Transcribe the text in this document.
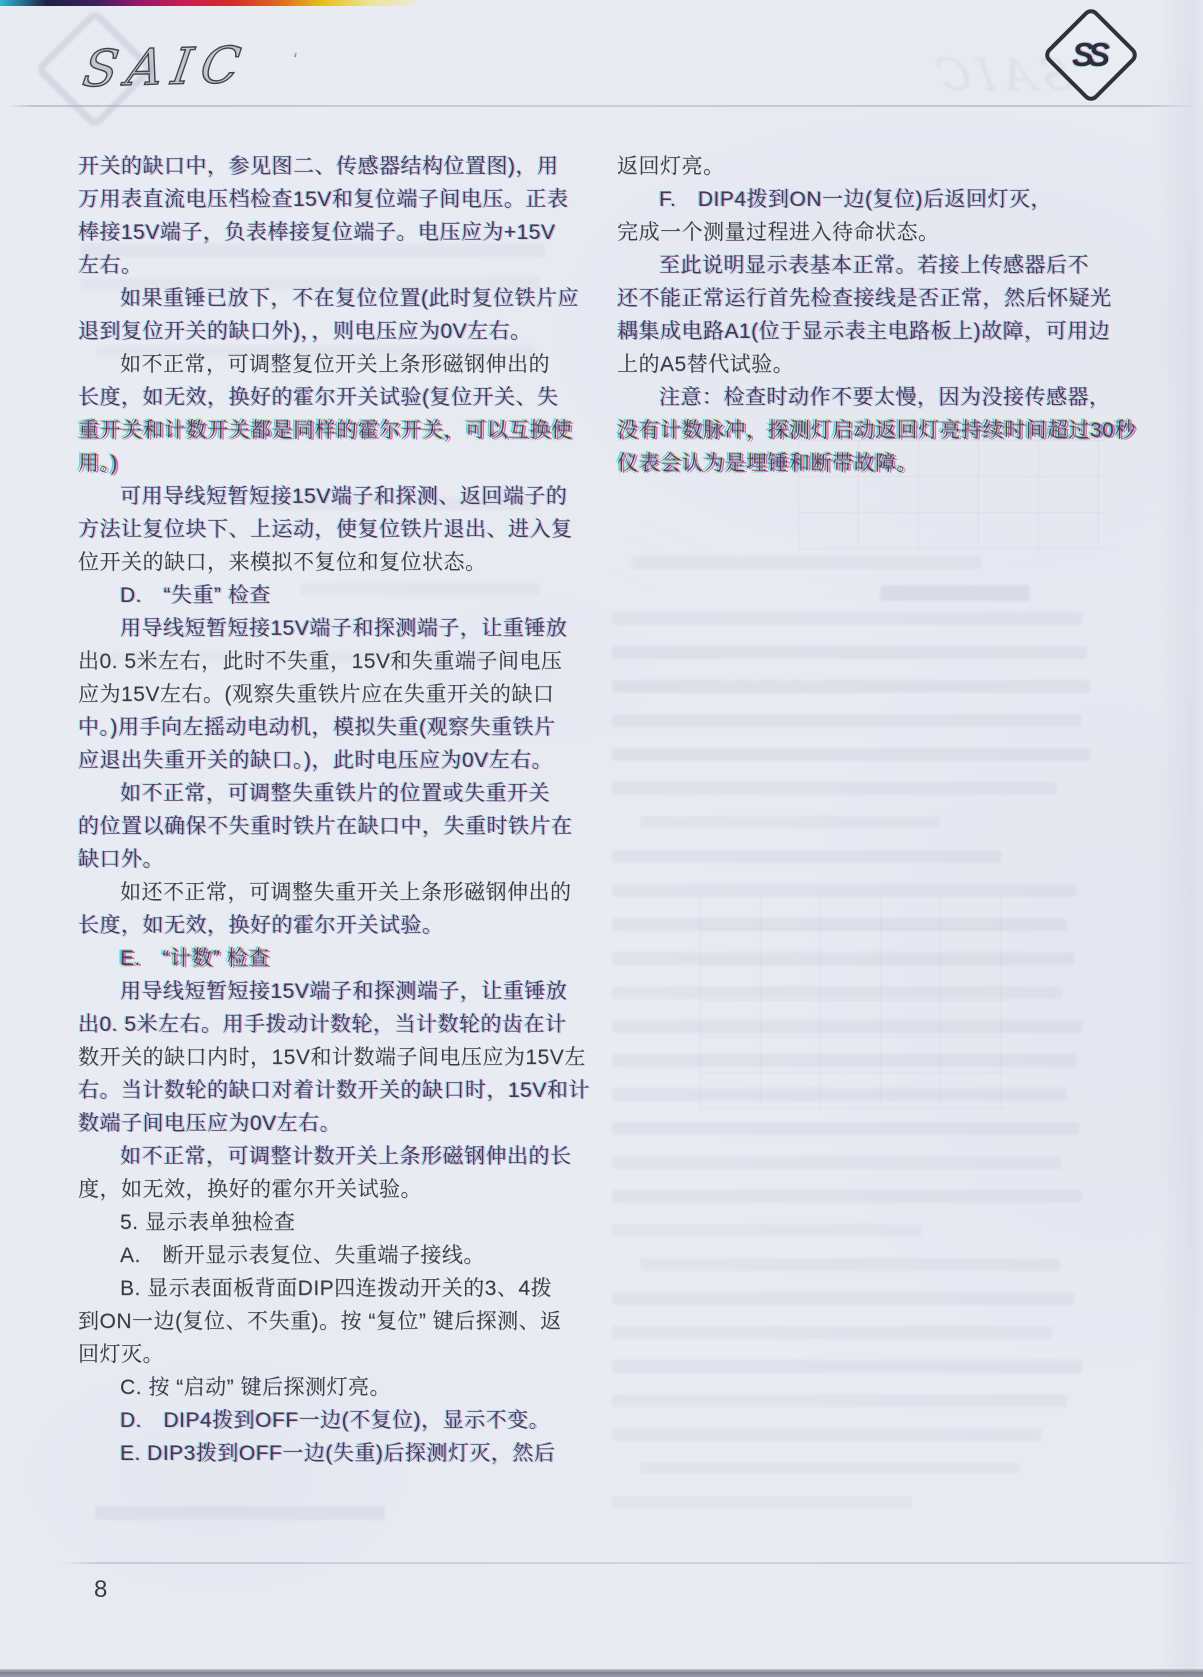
SAIC ʻ	SAIC
SS
开关的缺口中，参见图二、传感器结构位置图)，用
万用表直流电压档检查15V和复位端子间电压。正表
棒接15V端子，负表棒接复位端子。电压应为+15V
左右。
如果重锤已放下，不在复位位置(此时复位铁片应
退到复位开关的缺口外)，，则电压应为0V左右。
如不正常，可调整复位开关上条形磁钢伸出的
长度，如无效，换好的霍尔开关试验(复位开关、失
重开关和计数开关都是同样的霍尔开关，可以互换使
用。)
可用导线短暂短接15V端子和探测、返回端子的
方法让复位块下、上运动，使复位铁片退出、进入复
位开关的缺口，来模拟不复位和复位状态。
D.　“失重” 检查
用导线短暂短接15V端子和探测端子，让重锤放
出0. 5米左右，此时不失重，15V和失重端子间电压
应为15V左右。(观察失重铁片应在失重开关的缺口
中。)用手向左摇动电动机，模拟失重(观察失重铁片
应退出失重开关的缺口。)，此时电压应为0V左右。
如不正常，可调整失重铁片的位置或失重开关
的位置以确保不失重时铁片在缺口中，失重时铁片在
缺口外。
如还不正常，可调整失重开关上条形磁钢伸出的
长度，如无效，换好的霍尔开关试验。
E.　“计数” 检查
用导线短暂短接15V端子和探测端子，让重锤放
出0. 5米左右。用手拨动计数轮，当计数轮的齿在计
数开关的缺口内时，15V和计数端子间电压应为15V左
右。当计数轮的缺口对着计数开关的缺口时，15V和计
数端子间电压应为0V左右。
如不正常，可调整计数开关上条形磁钢伸出的长
度，如无效，换好的霍尔开关试验。
5. 显示表单独检查
A.　断开显示表复位、失重端子接线。
B. 显示表面板背面DIP四连拨动开关的3、4拨
到ON一边(复位、不失重)。按 “复位” 键后探测、返
回灯灭。
C. 按 “启动” 键后探测灯亮。
D.　DIP4拨到OFF一边(不复位)，显示不变。
E. DIP3拨到OFF一边(失重)后探测灯灭，然后
返回灯亮。
F.　DIP4拨到ON一边(复位)后返回灯灭，
完成一个测量过程进入待命状态。
至此说明显示表基本正常。若接上传感器后不
还不能正常运行首先检查接线是否正常，然后怀疑光
耦集成电路A1(位于显示表主电路板上)故障，可用边
上的A5替代试验。
注意：检查时动作不要太慢，因为没接传感器，
没有计数脉冲，探测灯启动返回灯亮持续时间超过30秒
仪表会认为是埋锤和断带故障。
8
